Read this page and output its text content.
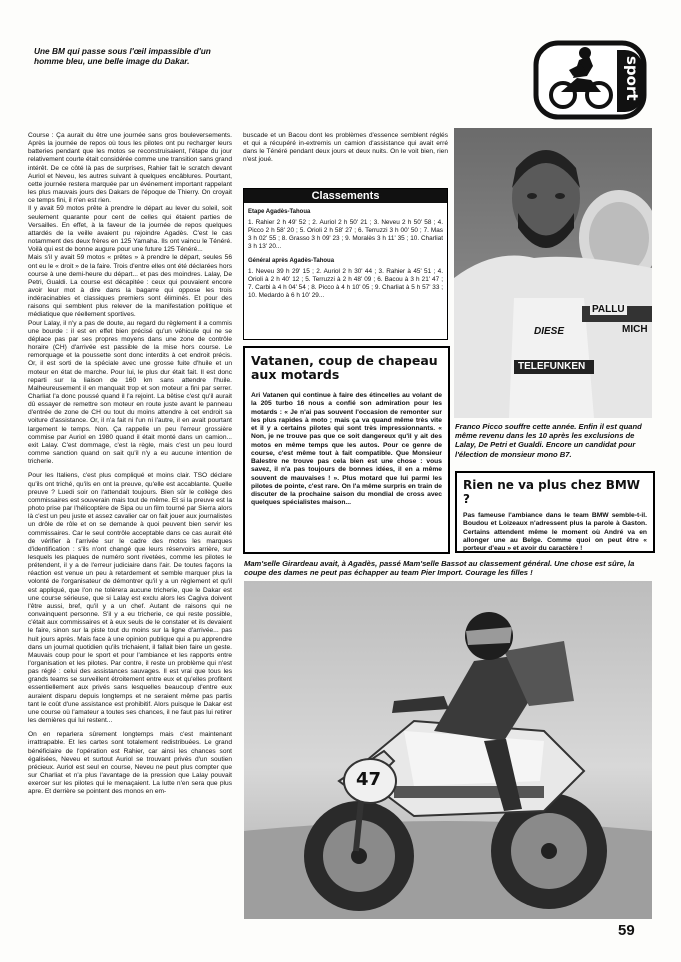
Une BM qui passe sous l'œil impassible d'un homme bleu, une belle image du Dakar.	sport

Course : Ça aurait du être une journée sans gros bouleversements. Après la journée de repos où tous les pilotes ont pu recharger leurs batteries pendant que les motos se reconstruisaient, l'étape du jour relativement courte était considérée comme une transition sans grand intérêt. De ce côté là pas de surprises, Rahier fait le scratch devant Auriol et Neveu, les autres suivant à quelques encâblures. Pourtant, cette journée restera marquée par un événement important rappelant les plus mauvais jours des Dakars de l'époque de Thierry. On croyait ce temps fini, il n'en est rien.

Il y avait 59 motos prête à prendre le départ au lever du soleil, soit seulement quarante pour cent de celles qui étaient parties de Versailles. En effet, à la faveur de la journée de repos quelques attardés de la veille avaient pu rejoindre Agadès. C'est le cas notamment des deux frères en 125 Yamaha. Ils ont vaincu le Ténéré. Voilà qui est de bonne augure pour une future 125 Ténéré...

Mais s'il y avait 59 motos « prêtes » à prendre le départ, seules 56 ont eu le « droit » de la faire. Trois d'entre elles ont été déclarées hors course à une demi-heure du départ... et pas des moindres. Lalay, De Petri, Gualdi. La course est décapitée : ceux qui pouvaient encore avoir leur mot à dire dans la bagarre qui oppose les trois indéracinables et classiques premiers sont éliminés. Et pour des raisons qui semblent plus relever de la manifestation politique et médiatique que réellement sportives.

Pour Lalay, il n'y a pas de doute, au regard du règlement il a commis une bourde : il est en effet bien précisé qu'un véhicule qui ne se déplace pas par ses propres moyens dans une zone de contrôle horaire (CH) d'arrivée est passible de la mise hors course. Le remorquage et la poussette sont donc interdits à cet endroit précis. Or, il est sorti de la spéciale avec une grosse fuite d'huile et un moteur en état de marche. Pour lui, le plus dur était fait. Il est donc reparti sur la liaison de 160 km sans attendre l'huile. Malheureusement il en manquait trop et son moteur a fini par serrer. Charliat l'a donc poussé quand il l'a rejoint. La bêtise c'est qu'il aurait dû essayer de remettre son moteur en route juste avant le panneau d'entrée de zone de CH ou tout du moins attendre à cet endroit sa voiture d'assistance. Or, il n'a fait ni l'un ni l'autre, il en avait pourtant largement le temps. Non. Ça rappelle un peu l'erreur grossière commise par Auriol en 1980 quand il était monté dans un camion... exit Lalay. C'est dommage, c'est la règle, mais c'est un peu lourd comme sanction quand on sait qu'il n'y a eu aucune intention de tricherie.

Pour les Italiens, c'est plus compliqué et moins clair. TSO déclare qu'ils ont triché, qu'ils en ont la preuve, qu'elle est accablante. Quelle preuve ? Luedi soir on l'attendait toujours. Bien sûr le collège des commissaires est souverain mais tout de même. Et si la preuve est la photo prise par l'hélicoptère de Sipa ou un film tourné par Sierra alors là c'est un peu juste et assez cavalier car on fait jouer aux journalistes un drôle de rôle et on se demande à quoi peuvent bien servir les commissaires. Car le seul contrôle acceptable dans ce cas aurait été de vérifier à l'arrivée sur le cadre des motos les marques d'identification : s'ils n'ont changé que leurs réservoirs arrière, sur lesquels les plaques de numéro sont rivetées, comme les pilotes le prétendent, il y a de l'erreur judiciaire dans l'air. De toutes façons la réaction est venue un peu à retardement et semble marquer plus la volonté de l'organisateur de démontrer qu'il y a un règlement et qu'il est appliqué, que l'on ne tolèrera aucune tricherie, que le Dakar est une course sérieuse, que si Lalay est exclu alors les Cagiva doivent l'être aussi, bref, qu'il y a un chef. Autant de raisons qui ne convainquent personne. S'il y a eu tricherie, ce qui reste possible, c'était aux commissaires et à eux seuls de le constater et ils devaient le faire, sinon sur la piste tout du moins sur la ligne d'arrivée... pas huit jours après. Mais face à une opinion publique qui a pu apprendre dans un journal quotidien qu'ils trichaient, il fallait bien faire un geste. Mauvais coup pour le sport et pour l'ambiance et les rapports entre l'organisation et les pilotes. Par contre, il reste un problème qui n'est pas réglé : celui des assistances sauvages. Il est vrai que tous les grands teams se surveillent étroitement entre eux et qu'elles profitent essentiellement aux privés sans lesquelles beaucoup d'entre eux auraient disparu depuis longtemps et ne seraient même pas partis tant le coût d'une assistance est prohibitif. Alors puisque le Dakar est une course où l'amateur a toutes ses chances, il ne faut pas lui retirer les dernières qui lui restent...

On en reparlera sûrement longtemps mais c'est maintenant irrattrapable. Et les cartes sont totalement redistribuées. Le grand bénéficiaire de l'opération est Rahier, car ainsi les chances sont égalisées, Neveu et surtout Auriol se trouvant privés d'un soutien précieux. Auriol est seul en course, Neveu ne peut plus compter que sur Charliat et n'a plus l'avantage de la pression que Lalay pouvait exercer sur les pilotes qui le menaçaient. La lutte n'en sera que plus apre. Et derrière se pointent des monos en em-

buscade et un Bacou dont les problèmes d'essence semblent réglés et qui a récupéré in-extremis un camion d'assistance qui avait erré dans le Ténéré pendant deux jours et deux nuits. On le voit bien, rien n'est joué.

Classements
Etape Agadès-Tahoua
1. Rahier 2 h 49' 52 ; 2. Auriol 2 h 50' 21 ; 3. Neveu 2 h 50' 58 ; 4. Picco 2 h 58' 20 ; 5. Orioli 2 h 58' 27 ; 6. Terruzzi 3 h 00' 50 ; 7. Mas 3 h 02' 55 ; 8. Grasso 3 h 09' 23 ; 9. Moralès 3 h 11' 35 ; 10. Charliat 3 h 13' 20...
Général après Agadès-Tahoua
1. Neveu 39 h 29' 15 ; 2. Auriol 2 h 30' 44 ; 3. Rahier à 45' 51 ; 4. Orioli à 2 h 40' 12 ; 5. Terruzzi à 2 h 48' 09 ; 6. Bacou à 3 h 21' 47 ; 7. Carbi à 4 h 04' 54 ; 8. Picco à 4 h 10' 05 ; 9. Charliat à 5 h 57' 33 ; 10. Medardo à 6 h 10' 29...
Vatanen, coup de chapeau aux motards
Ari Vatanen qui continue à faire des étincelles au volant de la 205 turbo 16 nous a confié son admiration pour les motards : « Je n'ai pas souvent l'occasion de remonter sur les plus rapides à moto ; mais ça va quand même très vite et il y a certains pilotes qui sont très impressionnants. « Non, je ne trouve pas que ce soit dangereux qu'il y ait des motos en même temps que les autos. Pour ce genre de course, c'est même tout à fait compatible. Que Monsieur Balestre ne trouve pas cela bien est une chose : vous savez, il n'a pas toujours de bonnes idées, il en a même souvent de mauvaises ! ». Plus motard que lui parmi les pilotes de pointe, c'est rare. On l'a même surpris en train de discuter de la prochaine saison du mondial de cross avec quelques spécialistes maison...
PALLU
DIESE
TELEFUNKEN
MICH
Franco Picco souffre cette année. Enfin il est quand même revenu dans les 10 après les exclusions de Lalay, De Petri et Gualdi. Encore un candidat pour l'élection de monsieur mono B7.
Rien ne va plus chez BMW ?
Pas fameuse l'ambiance dans le team BMW semble-t-il. Boudou et Loizeaux n'adressent plus la parole à Gaston. Certains attendent même le moment où André va en allonger une au Belge. Comme quoi on peut être « porteur d'eau » et avoir du caractère !
Mam'selle Girardeau avait, à Agadès, passé Mam'selle Bassot au classement général. Une chose est sûre, la coupe des dames ne peut pas échapper au team Pier Import. Courage les filles !
47
59
